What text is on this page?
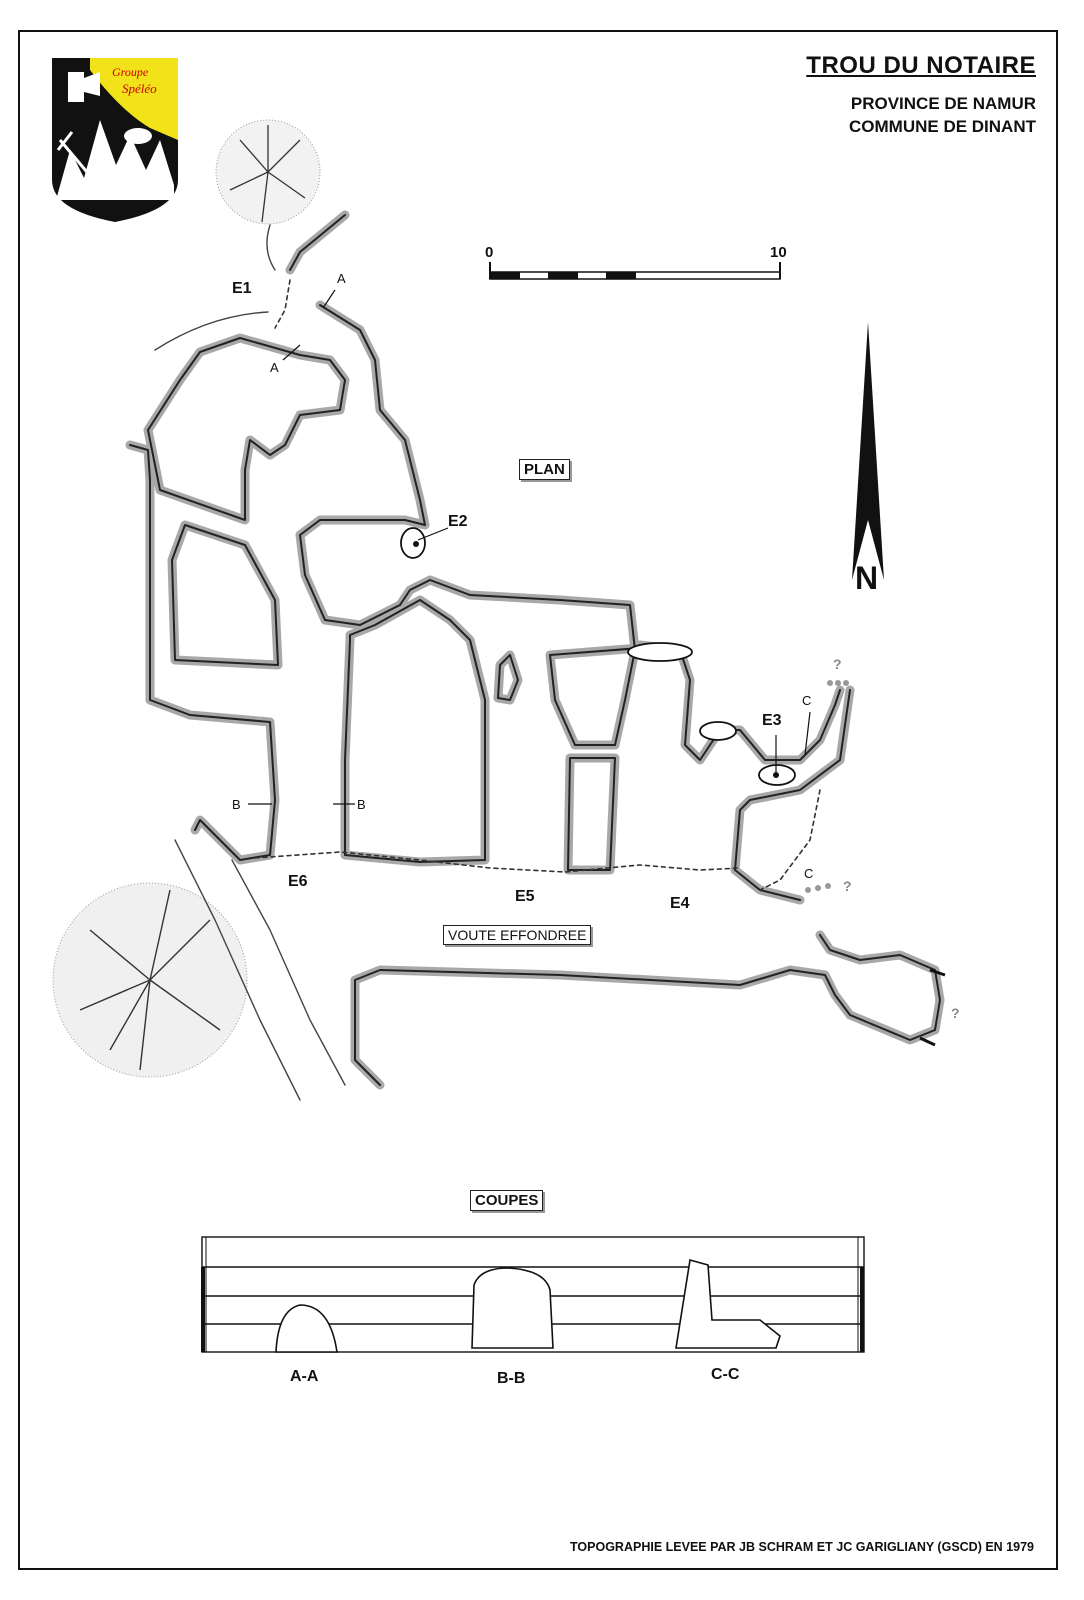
TROU DU NOTAIRE
PROVINCE DE NAMUR
COMMUNE DE DINANT
Groupe
Spéléo
La Corde
Dinant
0	10
N
PLAN
VOUTE EFFONDREE
COUPES
E1
E2
E3
E4
E5
E6
A
A
B	B
C
C
?
?
?
A-A	B-B	C-C
TOPOGRAPHIE LEVEE PAR JB SCHRAM ET JC GARIGLIANY (GSCD) EN 1979
